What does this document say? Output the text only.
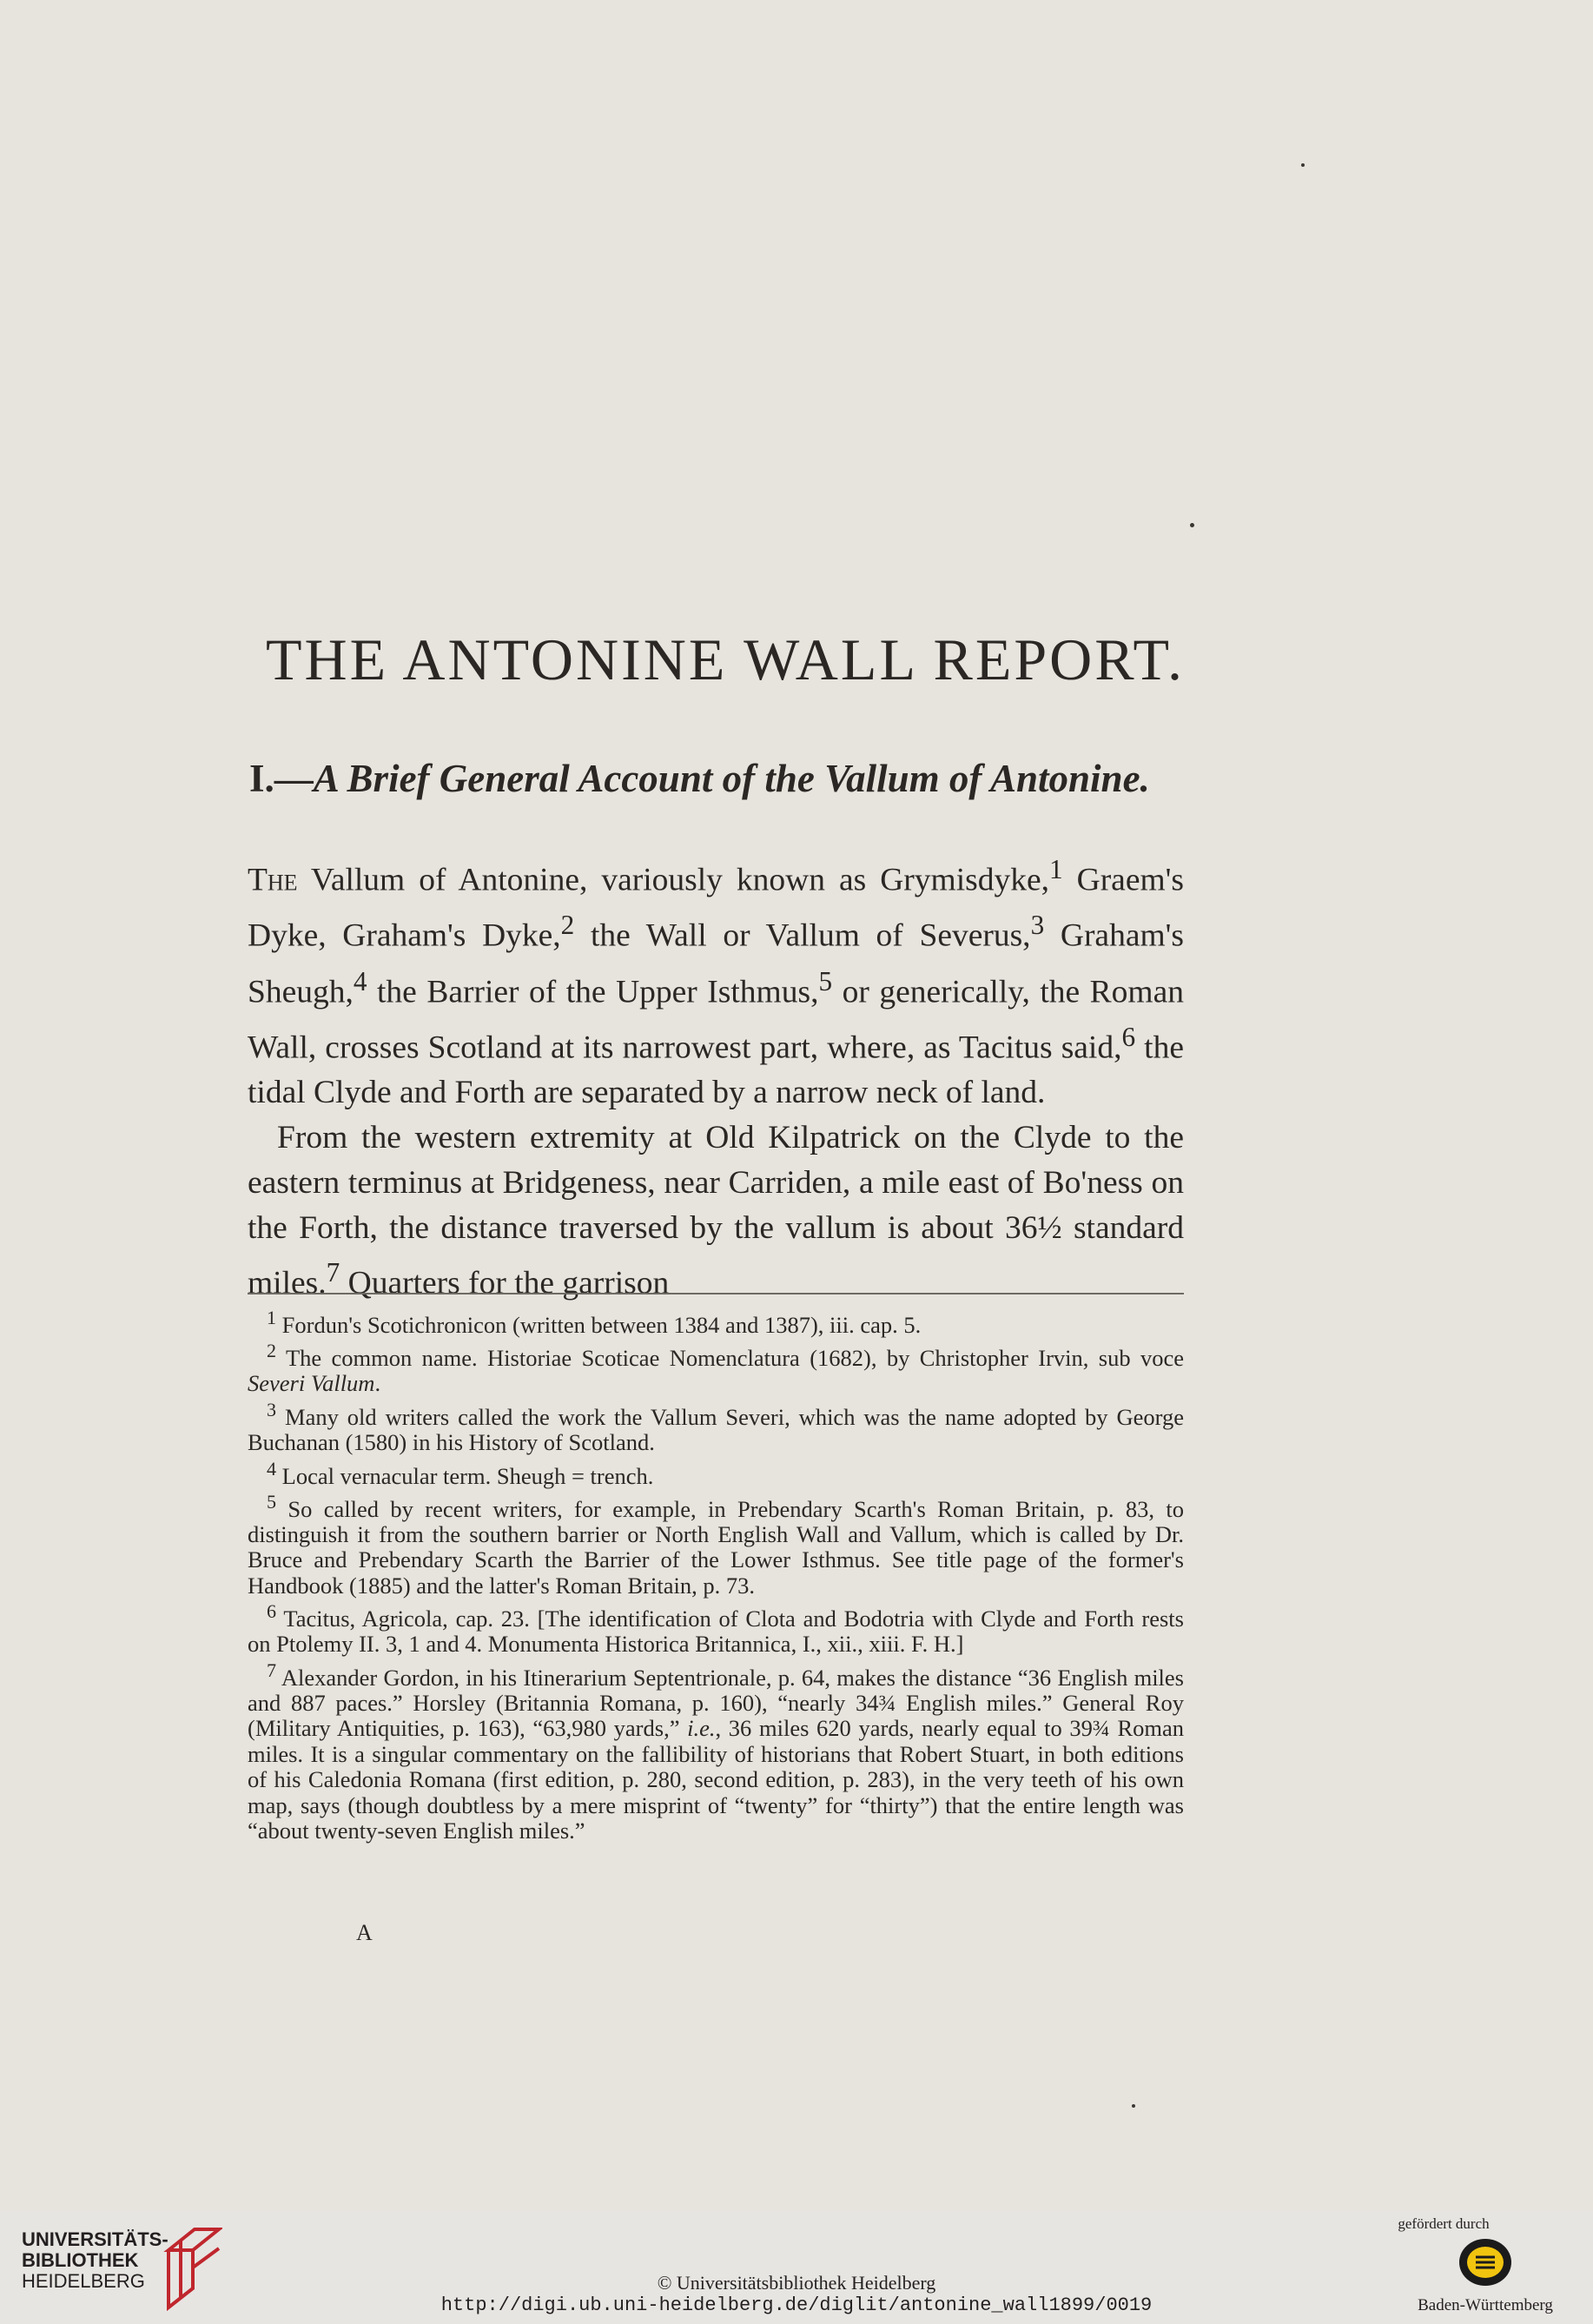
THE ANTONINE WALL REPORT.
I.—A Brief General Account of the Vallum of Antonine.

The Vallum of Antonine, variously known as Grymisdyke,$^1$ Graem's Dyke, Graham's Dyke,$^2$ the Wall or Vallum of Severus,$^3$ Graham's Sheugh,$^4$ the Barrier of the Upper Isthmus,$^5$ or generically, the Roman Wall, crosses Scotland at its narrowest part, where, as Tacitus said,$^6$ the tidal Clyde and Forth are separated by a narrow neck of land.

From the western extremity at Old Kilpatrick on the Clyde to the eastern terminus at Bridgeness, near Carriden, a mile east of Bo'ness on the Forth, the distance traversed by the vallum is about 36½ standard miles.$^7$ Quarters for the garrison

$^1$ Fordun's Scotichronicon (written between 1384 and 1387), iii. cap. 5.

$^2$ The common name. Historiae Scoticae Nomenclatura (1682), by Christopher Irvin, sub voce Severi Vallum.

$^3$ Many old writers called the work the Vallum Severi, which was the name adopted by George Buchanan (1580) in his History of Scotland.

$^4$ Local vernacular term. Sheugh = trench.

$^5$ So called by recent writers, for example, in Prebendary Scarth's Roman Britain, p. 83, to distinguish it from the southern barrier or North English Wall and Vallum, which is called by Dr. Bruce and Prebendary Scarth the Barrier of the Lower Isthmus. See title page of the former's Handbook (1885) and the latter's Roman Britain, p. 73.

$^6$ Tacitus, Agricola, cap. 23. [The identification of Clota and Bodotria with Clyde and Forth rests on Ptolemy II. 3, 1 and 4. Monumenta Historica Britannica, I., xii., xiii. F. H.]

$^7$ Alexander Gordon, in his Itinerarium Septentrionale, p. 64, makes the distance “36 English miles and 887 paces.” Horsley (Britannia Romana, p. 160), “nearly 34¾ English miles.” General Roy (Military Antiquities, p. 163), “63,980 yards,” i.e., 36 miles 620 yards, nearly equal to 39¾ Roman miles. It is a singular commentary on the fallibility of historians that Robert Stuart, in both editions of his Caledonia Romana (first edition, p. 280, second edition, p. 283), in the very teeth of his own map, says (though doubtless by a mere misprint of “twenty” for “thirty”) that the entire length was “about twenty-seven English miles.”

A
UNIVERSITÄTS-
BIBLIOTHEK
HEIDELBERG	© Universitätsbibliothek Heidelberg
http://digi.ub.uni-heidelberg.de/diglit/antonine_wall1899/0019
gefördert durch
Baden-Württemberg
